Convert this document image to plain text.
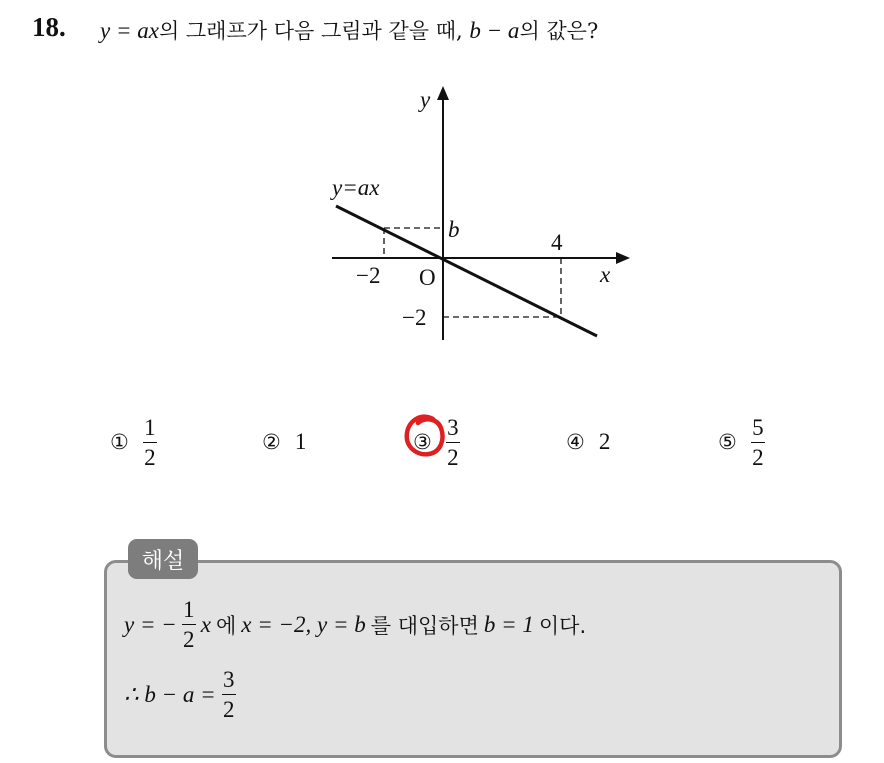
18. y = ax의 그래프가 다음 그림과 같을 때, b − a의 값은?
y
x
y=ax
O
b
−2
4
−2
① $\frac{1}{2}$	② 1	③ $\frac{3}{2}$	④ 2	⑤ $\frac{5}{2}$
해설
y = − $\frac{1}{2}$ x 에 x = −2, y = b 를 대입하면 b = 1 이다.
∴ $b - a = \frac{3}{2}$
